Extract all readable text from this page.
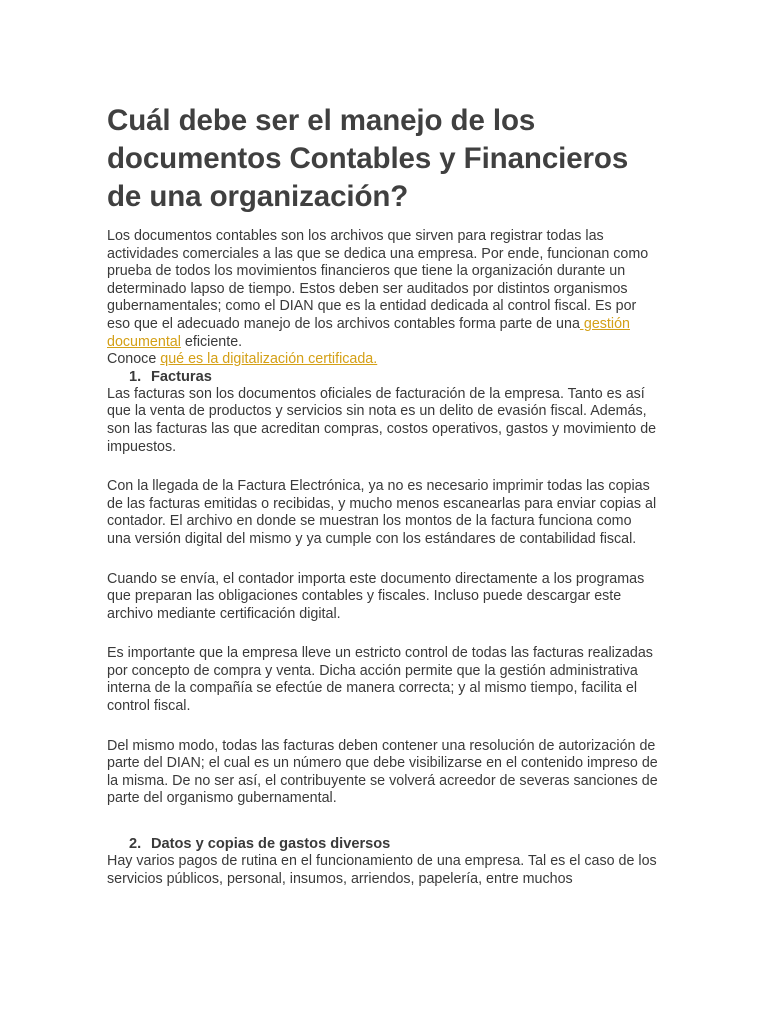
Cuál debe ser el manejo de los documentos Contables y Financieros de una organización?

Los documentos contables son los archivos que sirven para registrar todas las actividades comerciales a las que se dedica una empresa. Por ende, funcionan como prueba de todos los movimientos financieros que tiene la organización durante un determinado lapso de tiempo. Estos deben ser auditados por distintos organismos gubernamentales; como el DIAN que es la entidad dedicada al control fiscal. Es por eso que el adecuado manejo de los archivos contables forma parte de una gestión documental eficiente.

Conoce qué es la digitalización certificada.

1. Facturas

Las facturas son los documentos oficiales de facturación de la empresa. Tanto es así que la venta de productos y servicios sin nota es un delito de evasión fiscal. Además, son las facturas las que acreditan compras, costos operativos, gastos y movimiento de impuestos.

Con la llegada de la Factura Electrónica, ya no es necesario imprimir todas las copias de las facturas emitidas o recibidas, y mucho menos escanearlas para enviar copias al contador. El archivo en donde se muestran los montos de la factura funciona como una versión digital del mismo y ya cumple con los estándares de contabilidad fiscal.

Cuando se envía, el contador importa este documento directamente a los programas que preparan las obligaciones contables y fiscales. Incluso puede descargar este archivo mediante certificación digital.

Es importante que la empresa lleve un estricto control de todas las facturas realizadas por concepto de compra y venta. Dicha acción permite que la gestión administrativa interna de la compañía se efectúe de manera correcta; y al mismo tiempo, facilita el control fiscal.

Del mismo modo, todas las facturas deben contener una resolución de autorización de parte del DIAN; el cual es un número que debe visibilizarse en el contenido impreso de la misma. De no ser así, el contribuyente se volverá acreedor de severas sanciones de parte del organismo gubernamental.

2. Datos y copias de gastos diversos

Hay varios pagos de rutina en el funcionamiento de una empresa. Tal es el caso de los servicios públicos, personal, insumos, arriendos, papelería, entre muchos
